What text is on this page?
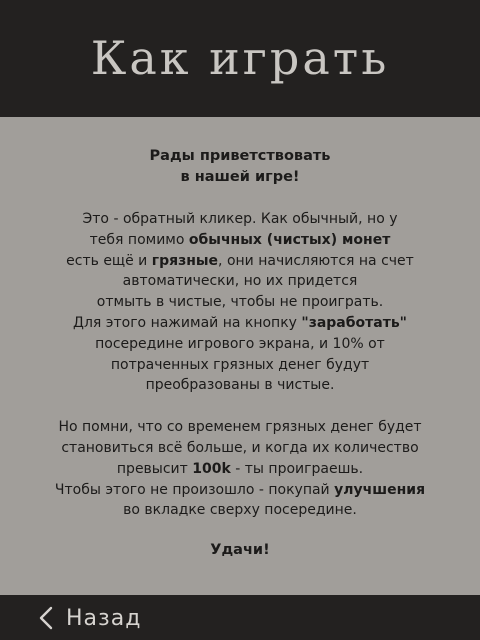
Как играть
Рады приветствовать
в нашей игре!
Это - обратный кликер. Как обычный, но у
тебя помимо обычных (чистых) монет
есть ещё и грязные, они начисляются на счет
автоматически, но их придется
отмыть в чистые, чтобы не проиграть.
Для этого нажимай на кнопку "заработать"
посередине игрового экрана, и 10% от
потраченных грязных денег будут
преобразованы в чистые.
Но помни, что со временем грязных денег будет
становиться всё больше, и когда их количество
превысит 100k - ты проиграешь.
Чтобы этого не произошло - покупай улучшения
во вкладке сверху посередине.
Удачи!
Назад
